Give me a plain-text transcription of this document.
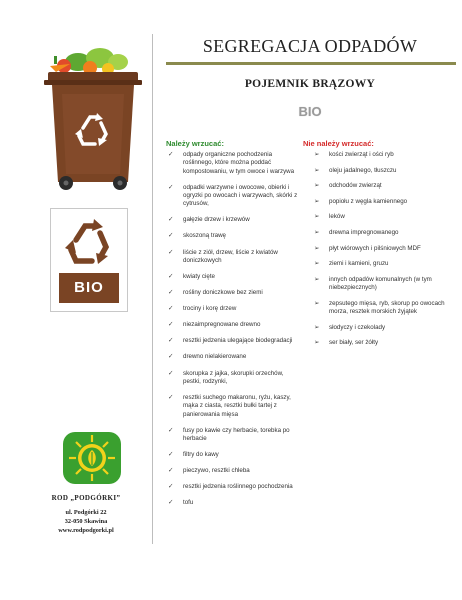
BIO
ROD „PODGÓRKI”
ul. Podgórki 22
32-050 Skawina
www.rodpodgorki.pl
SEGREGACJA ODPADÓW
POJEMNIK BRĄZOWY
BIO
Należy wrzucać:	Nie należy wrzucać:
✓ odpady organiczne pochodzenia roślinnego, które można poddać kompostowaniu, w tym owoce i warzywa
✓ odpadki warzywne i owocowe, obierki i ogryzki po owocach i warzywach, skórki z cytrusów,
✓ gałęzie drzew i krzewów
✓ skoszoną trawę
✓ liście z ziół, drzew, liście z kwiatów doniczkowych
✓ kwiaty cięte
✓ rośliny doniczkowe bez ziemi
✓ trociny i korę drzew
✓ niezaimpregnowane drewno
✓ resztki jedzenia ulegające biodegradacji
✓ drewno nielakierowane
✓ skorupka z jajka, skorupki orzechów, pestki, rodzynki,
✓ resztki suchego makaronu, ryżu, kaszy, mąka z ciasta, resztki bułki tartej z panierowania mięsa
✓ fusy po kawie czy herbacie, torebka po herbacie
✓ filtry do kawy
✓ pieczywo, resztki chleba
✓ resztki jedzenia roślinnego pochodzenia
✓ tofu
➢ kości zwierząt i ości ryb
➢ oleju jadalnego, tłuszczu
➢ odchodów zwierząt
➢ popiołu z węgla kamiennego
➢ leków
➢ drewna impregnowanego
➢ płyt wiórowych i pilśniowych MDF
➢ ziemi i kamieni, gruzu
➢ innych odpadów komunalnych (w tym niebezpiecznych)
➢ zepsutego mięsa, ryb, skorup po owocach morza, resztek morskich żyjątek
➢ słodyczy i czekolady
➢ ser biały, ser żółty
